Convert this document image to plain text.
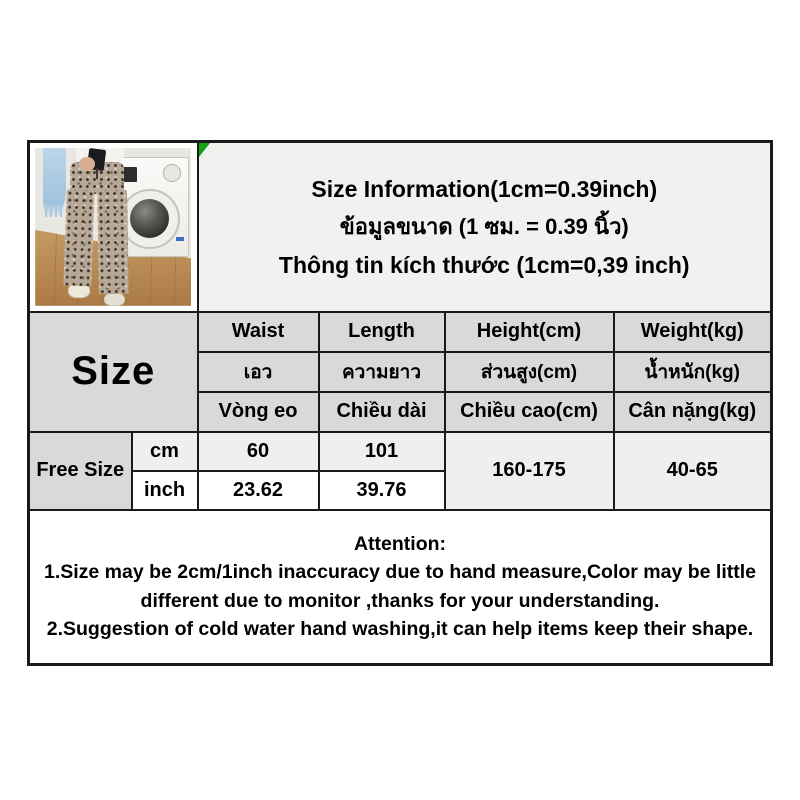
		Size Information(1cm=0.39inch)
ข้อมูลขนาด (1 ซม. = 0.39 นิ้ว)
Thông tin kích thước (1cm=0,39 inch)			

Size		Waist	Length	Height(cm)	Weight(kg)
		เอว	ความยาว	ส่วนสูง(cm)	น้ำหนัก(kg)
		Vòng eo	Chiều dài	Chiều cao(cm)	Cân nặng(kg)
Free Size	cm	60	101	160-175	40-65
	inch	23.62	39.76		

Attention:
1.Size may be 2cm/1inch inaccuracy due to hand measure,Color may be little different due to monitor ,thanks for your understanding.
2.Suggestion of cold water hand washing,it can help items keep their shape.					
